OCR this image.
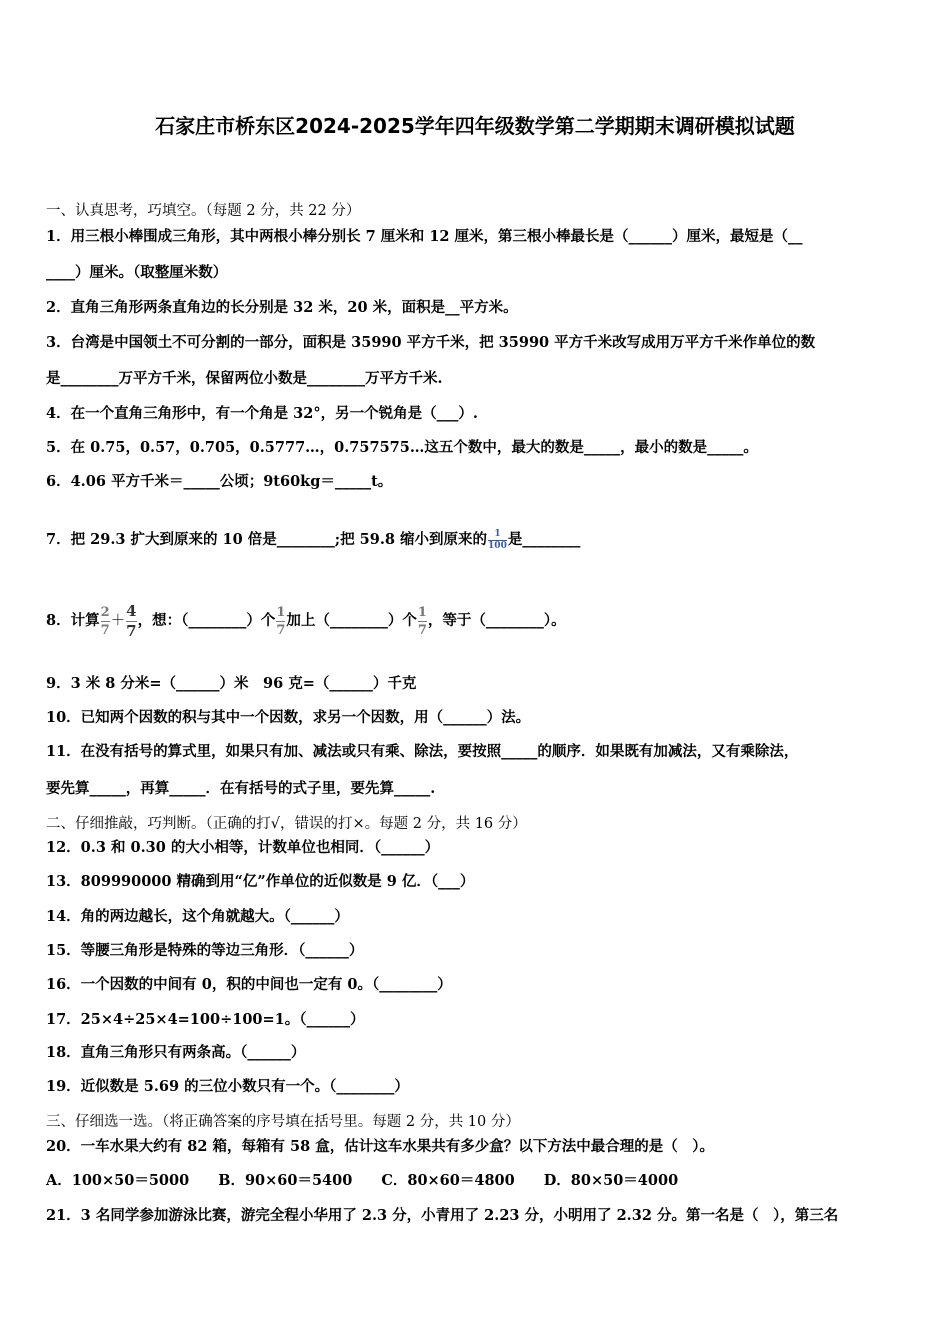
石家庄市桥东区2024-2025学年四年级数学第二学期期末调研模拟试题
一、认真思考，巧填空。（每题 2 分，共 22 分）
1．用三根小棒围成三角形，其中两根小棒分别长 7 厘米和 12 厘米，第三根小棒最长是（______）厘米，最短是（__
____）厘米。（取整厘米数）
2．直角三角形两条直角边的长分别是 32 米，20 米，面积是__平方米。
3．台湾是中国领土不可分割的一部分，面积是 35990 平方千米，把 35990 平方千米改写成用万平方千米作单位的数
是________万平方千米，保留两位小数是________万平方千米.
4．在一个直角三角形中，有一个角是 32°，另一个锐角是（___）.
5．在 0.75，0.57，0.705，0.5777…，0.757575…这五个数中，最大的数是_____，最小的数是_____。
6．4.06 平方千米＝_____公顷；9t60kg＝_____t。
7．把 29.3 扩大到原来的 10 倍是________;把 59.8 缩小到原来的 $\frac{1}{100}$ 是________
8．计算 $\frac{2}{7} + \frac{4}{7}$ ，想：（________）个 $\frac{1}{7}$ 加上（________）个 $\frac{1}{7}$ ，等于（________）。
9．3 米 8 分米=（______）米　96 克=（______）千克
10．已知两个因数的积与其中一个因数，求另一个因数，用（______）法。
11．在没有括号的算式里，如果只有加、减法或只有乘、除法，要按照_____的顺序．如果既有加减法，又有乘除法，
要先算_____，再算_____．在有括号的式子里，要先算_____.
二、仔细推敲，巧判断。（正确的打√，错误的打×。每题 2 分，共 16 分）
12．0.3 和 0.30 的大小相等，计数单位也相同．（______）
13．809990000 精确到用“亿”作单位的近似数是 9 亿．（___）
14．角的两边越长，这个角就越大。（______）
15．等腰三角形是特殊的等边三角形．（______）
16．一个因数的中间有 0，积的中间也一定有 0。（________）
17．25×4÷25×4=100÷100=1。（______）
18．直角三角形只有两条高。（______）
19．近似数是 5.69 的三位小数只有一个。（________）
三、仔细选一选。（将正确答案的序号填在括号里。每题 2 分，共 10 分）
20．一车水果大约有 82 箱，每箱有 58 盒，估计这车水果共有多少盒？以下方法中最合理的是（　）。
A．100×50＝5000　　B．90×60＝5400　　C．80×60＝4800　　D．80×50＝4000
21．3 名同学参加游泳比赛，游完全程小华用了 2.3 分，小青用了 2.23 分，小明用了 2.32 分。第一名是（　），第三名
